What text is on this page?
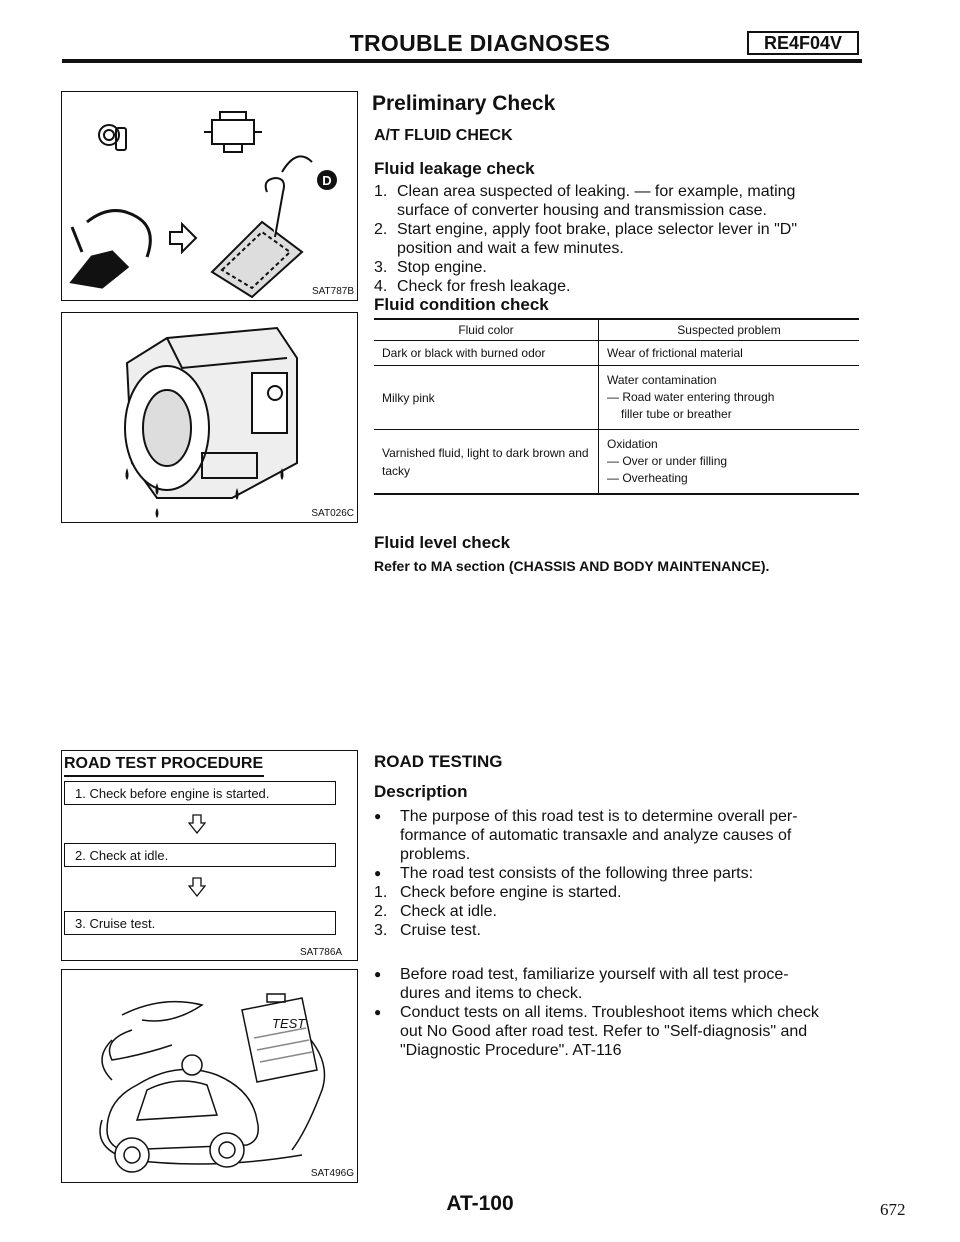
TROUBLE DIAGNOSES	RE4F04V
D
SAT787B
SAT026C
Preliminary Check
A/T FLUID CHECK
Fluid leakage check
1. Clean area suspected of leaking. — for example, mating
surface of converter housing and transmission case.
2. Start engine, apply foot brake, place selector lever in "D"
position and wait a few minutes.
3. Stop engine.
4. Check for fresh leakage.
Fluid condition check
Fluid color	Suspected problem
Dark or black with burned odor	Wear of frictional material
Milky pink	Water contamination
— Road water entering through
filler tube or breather

Varnished fluid, light to dark brown and tacky	Oxidation
— Over or under filling
— Overheating
Fluid level check
Refer to MA section (CHASSIS AND BODY MAINTENANCE).
ROAD TEST PROCEDURE
1. Check before engine is started.
2. Check at idle.
3. Cruise test.
SAT786A
TEST
SAT496G
ROAD TESTING
Description
●	The purpose of this road test is to determine overall per-
formance of automatic transaxle and analyze causes of
problems.
●	The road test consists of the following three parts:
1. Check before engine is started.
2. Check at idle.
3. Cruise test.
●	Before road test, familiarize yourself with all test proce-
dures and items to check.
●	Conduct tests on all items. Troubleshoot items which check
out No Good after road test. Refer to "Self-diagnosis" and
"Diagnostic Procedure". AT-116
AT-100	672
